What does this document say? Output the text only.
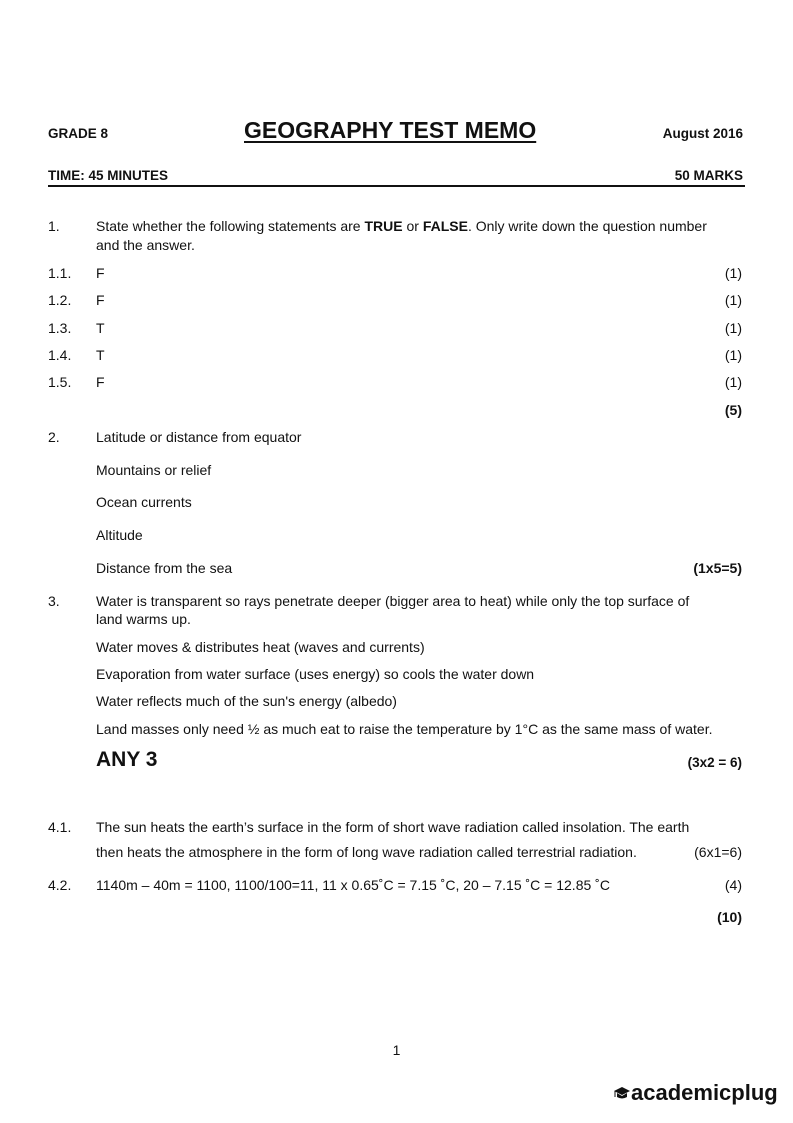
GRADE 8	GEOGRAPHY TEST MEMO	August 2016
TIME: 45 MINUTES	50 MARKS
1.	State whether the following statements are TRUE or FALSE. Only write down the question number
and the answer.
1.1. F	(1)
1.2. F	(1)
1.3. T	(1)
1.4. T	(1)
1.5. F	(1)
(5)
2.	Latitude or distance from equator
Mountains or relief
Ocean currents
Altitude
Distance from the sea	(1x5=5)
3.	Water is transparent so rays penetrate deeper (bigger area to heat) while only the top surface of
land warms up.
Water moves & distributes heat (waves and currents)
Evaporation from water surface (uses energy) so cools the water down
Water reflects much of the sun's energy (albedo)
Land masses only need ½ as much eat to raise the temperature by 1°C as the same mass of water.
ANY 3	(3x2 = 6)
4.1. The sun heats the earth’s surface in the form of short wave radiation called insolation. The earth
then heats the atmosphere in the form of long wave radiation called terrestrial radiation.	(6x1=6)
4.2. 1140m – 40m = 1100, 1100/100=11, 11 x 0.65˚C = 7.15 ˚C, 20 – 7.15 ˚C = 12.85 ˚C	(4)
(10)
1
academicplug
